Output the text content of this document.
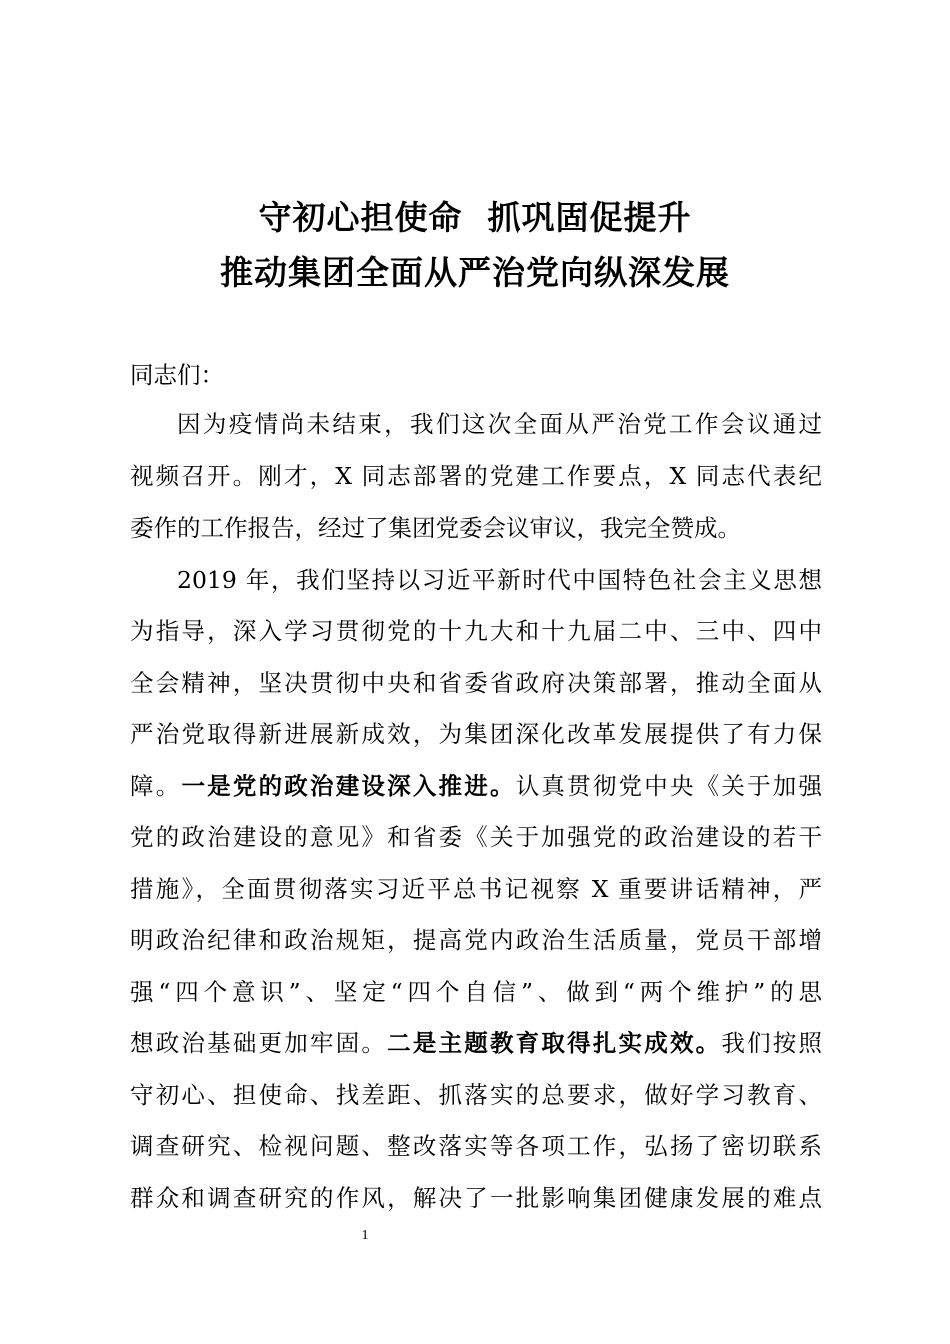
守初心担使命  抓巩固促提升
推动集团全面从严治党向纵深发展
同志们：
因为疫情尚未结束，我们这次全面从严治党工作会议通过
视频召开。刚才，X 同志部署的党建工作要点，X 同志代表纪
委作的工作报告，经过了集团党委会议审议，我完全赞成。
2019 年，我们坚持以习近平新时代中国特色社会主义思想
为指导，深入学习贯彻党的十九大和十九届二中、三中、四中
全会精神，坚决贯彻中央和省委省政府决策部署，推动全面从
严治党取得新进展新成效，为集团深化改革发展提供了有力保
障。一是党的政治建设深入推进。认真贯彻党中央《关于加强
党的政治建设的意见》和省委《关于加强党的政治建设的若干
措施》，全面贯彻落实习近平总书记视察 X 重要讲话精神，严
明政治纪律和政治规矩，提高党内政治生活质量，党员干部增
强“四个意识”、坚定“四个自信”、做到“两个维护”的思
想政治基础更加牢固。二是主题教育取得扎实成效。我们按照
守初心、担使命、找差距、抓落实的总要求，做好学习教育、
调查研究、检视问题、整改落实等各项工作，弘扬了密切联系
群众和调查研究的作风，解决了一批影响集团健康发展的难点
1
